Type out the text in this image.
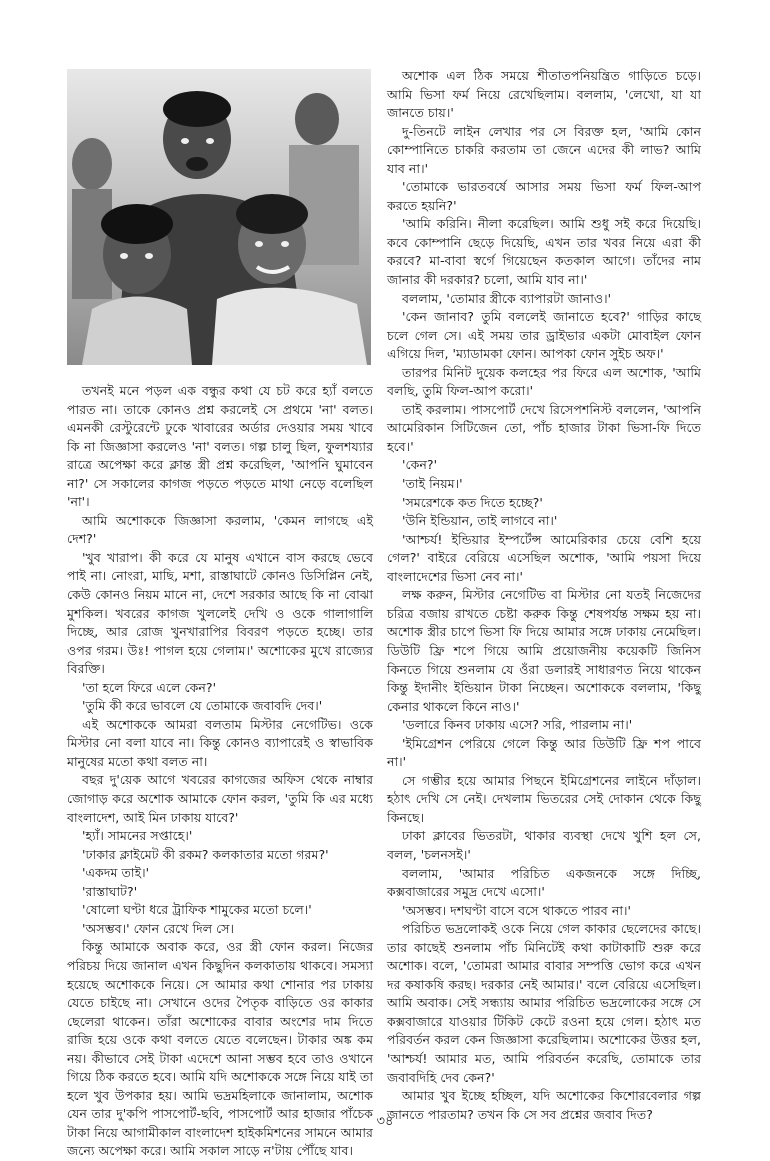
তখনই মনে পড়ল এক বন্ধুর কথা যে চট করে হ্যাঁ বলতে পারত না। তাকে কোনও প্রশ্ন করলেই সে প্রথমে 'না' বলত। এমনকী রেস্টুরেন্টে ঢুকে খাবারের অর্ডার দেওয়ার সময় খাবে কি না জিজ্ঞাসা করলেও 'না' বলত। গল্প চালু ছিল, ফুলশয্যার রাত্রে অপেক্ষা করে ক্লান্ত স্ত্রী প্রশ্ন করেছিল, 'আপনি ঘুমাবেন না?' সে সকালের কাগজ পড়তে পড়তে মাথা নেড়ে বলেছিল 'না'।

আমি অশোককে জিজ্ঞাসা করলাম, 'কেমন লাগছে এই দেশ?'

'খুব খারাপ। কী করে যে মানুষ এখানে বাস করছে ভেবে পাই না। নোংরা, মাছি, মশা, রাস্তাঘাটে কোনও ডিসিপ্লিন নেই, কেউ কোনও নিয়ম মানে না, দেশে সরকার আছে কি না বোঝা মুশকিল। খবরের কাগজ খুললেই দেখি ও ওকে গালাগালি দিচ্ছে, আর রোজ খুনখারাপির বিবরণ পড়তে হচ্ছে। তার ওপর গরম। উঃ! পাগল হয়ে গেলাম।' অশোকের মুখে রাজ্যের বিরক্তি।

'তা হলে ফিরে এলে কেন?'

'তুমি কী করে ভাবলে যে তোমাকে জবাবদি দেব।'

এই অশোককে আমরা বলতাম মিস্টার নেগেটিভ। ওকে মিস্টার নো বলা যাবে না। কিন্তু কোনও ব্যাপারেই ও স্বাভাবিক মানুষের মতো কথা বলত না।

বছর দু'য়েক আগে খবরের কাগজের অফিস থেকে নাম্বার জোগাড় করে অশোক আমাকে ফোন করল, 'তুমি কি এর মধ্যে বাংলাদেশ, আই মিন ঢাকায় যাবে?'

'হ্যাঁ। সামনের সপ্তাহে।'

'ঢাকার ক্লাইমেট কী রকম? কলকাতার মতো গরম?'

'একদম তাই।'

'রাস্তাঘাট?'

'ষোলো ঘণ্টা ধরে ট্রাফিক শামুকের মতো চলে।'

'অসম্ভব।' ফোন রেখে দিল সে।

কিন্তু আমাকে অবাক করে, ওর স্ত্রী ফোন করল। নিজের পরিচয় দিয়ে জানাল এখন কিছুদিন কলকাতায় থাকবে। সমস্যা হয়েছে অশোককে নিয়ে। সে আমার কথা শোনার পর ঢাকায় যেতে চাইছে না। সেখানে ওদের পৈতৃক বাড়িতে ওর কাকার ছেলেরা থাকেন। তাঁরা অশোকের বাবার অংশের দাম দিতে রাজি হয়ে ওকে কথা বলতে যেতে বলেছেন। টাকার অঙ্ক কম নয়। কীভাবে সেই টাকা এদেশে আনা সম্ভব হবে তাও ওখানে গিয়ে ঠিক করতে হবে। আমি যদি অশোককে সঙ্গে নিয়ে যাই তা হলে খুব উপকার হয়। আমি ভদ্রমহিলাকে জানালাম, অশোক যেন তার দু'কপি পাসপোর্ট-ছবি, পাসপোর্ট আর হাজার পাঁচেক টাকা নিয়ে আগামীকাল বাংলাদেশ হাইকমিশনের সামনে আমার জন্যে অপেক্ষা করে। আমি সকাল সাড়ে ন'টায় পৌঁছে যাব।

অশোক এল ঠিক সময়ে শীতাতপনিয়ন্ত্রিত গাড়িতে চড়ে। আমি ভিসা ফর্ম নিয়ে রেখেছিলাম। বললাম, 'লেখো, যা যা জানতে চায়।'

দু-তিনটে লাইন লেখার পর সে বিরক্ত হল, 'আমি কোন কোম্পানিতে চাকরি করতাম তা জেনে এদের কী লাভ? আমি যাব না।'

'তোমাকে ভারতবর্ষে আসার সময় ভিসা ফর্ম ফিল-আপ করতে হয়নি?'

'আমি করিনি। নীলা করেছিল। আমি শুধু সই করে দিয়েছি। কবে কোম্পানি ছেড়ে দিয়েছি, এখন তার খবর নিয়ে এরা কী করবে? মা-বাবা স্বর্গে গিয়েছেন কতকাল আগে। তাঁদের নাম জানার কী দরকার? চলো, আমি যাব না।'

বললাম, 'তোমার স্ত্রীকে ব্যাপারটা জানাও।'

'কেন জানাব? তুমি বললেই জানাতে হবে?' গাড়ির কাছে চলে গেল সে। এই সময় তার ড্রাইভার একটা মোবাইল ফোন এগিয়ে দিল, 'ম্যাডামকা ফোন। আপকা ফোন সুইচ অফ।'

তারপর মিনিট দুয়েক কলহের পর ফিরে এল অশোক, 'আমি বলছি, তুমি ফিল-আপ করো।'

তাই করলাম। পাসপোর্ট দেখে রিসেপশনিস্ট বললেন, 'আপনি আমেরিকান সিটিজেন তো, পাঁচ হাজার টাকা ভিসা-ফি দিতে হবে।'

'কেন?'

'তাই নিয়ম।'

'সমরেশকে কত দিতে হচ্ছে?'

'উনি ইন্ডিয়ান, তাই লাগবে না।'

'আশ্চর্য! ইন্ডিয়ার ইম্পর্টেন্স আমেরিকার চেয়ে বেশি হয়ে গেল?' বাইরে বেরিয়ে এসেছিল অশোক, 'আমি পয়সা দিয়ে বাংলাদেশের ভিসা নেব না।'

লক্ষ করুন, মিস্টার নেগেটিভ বা মিস্টার নো যতই নিজেদের চরিত্র বজায় রাখতে চেষ্টা করুক কিন্তু শেষপর্যন্ত সক্ষম হয় না। অশোক স্ত্রীর চাপে ভিসা ফি দিয়ে আমার সঙ্গে ঢাকায় নেমেছিল। ডিউটি ফ্রি শপে গিয়ে আমি প্রয়োজনীয় কয়েকটি জিনিস কিনতে গিয়ে শুনলাম যে ওঁরা ডলারই সাধারণত নিয়ে থাকেন কিন্তু ইদানীং ইন্ডিয়ান টাকা নিচ্ছেন। অশোককে বললাম, 'কিছু কেনার থাকলে কিনে নাও।'

'ডলারে কিনব ঢাকায় এসে? সরি, পারলাম না।'

'ইমিগ্রেশন পেরিয়ে গেলে কিন্তু আর ডিউটি ফ্রি শপ পাবে না।'

সে গম্ভীর হয়ে আমার পিছনে ইমিগ্রেশনের লাইনে দাঁড়াল। হঠাৎ দেখি সে নেই। দেখলাম ভিতরের সেই দোকান থেকে কিছু কিনছে।

ঢাকা ক্লাবের ভিতরটা, থাকার ব্যবস্থা দেখে খুশি হল সে, বলল, 'চলনসই।'

বললাম, 'আমার পরিচিত একজনকে সঙ্গে দিচ্ছি, কক্সবাজারের সমুদ্র দেখে এসো।'

'অসম্ভব। দশঘণ্টা বাসে বসে থাকতে পারব না।'

পরিচিত ভদ্রলোকই ওকে নিয়ে গেল কাকার ছেলেদের কাছে। তার কাছেই শুনলাম পাঁচ মিনিটেই কথা কাটাকাটি শুরু করে অশোক। বলে, 'তোমরা আমার বাবার সম্পত্তি ভোগ করে এখন দর কষাকষি করছ। দরকার নেই আমার।' বলে বেরিয়ে এসেছিল। আমি অবাক। সেই সন্ধ্যায় আমার পরিচিত ভদ্রলোকের সঙ্গে সে কক্সবাজারে যাওয়ার টিকিট কেটে রওনা হয়ে গেল। হঠাৎ মত পরিবর্তন করল কেন জিজ্ঞাসা করেছিলাম। অশোকের উত্তর হল, 'আশ্চর্য! আমার মত, আমি পরিবর্তন করেছি, তোমাকে তার জবাবদিহি দেব কেন?'

আমার খুব ইচ্ছে হচ্ছিল, যদি অশোকের কিশোরবেলার গল্প জানতে পারতাম? তখন কি সে সব প্রশ্নের জবাব দিত?

৩৪
